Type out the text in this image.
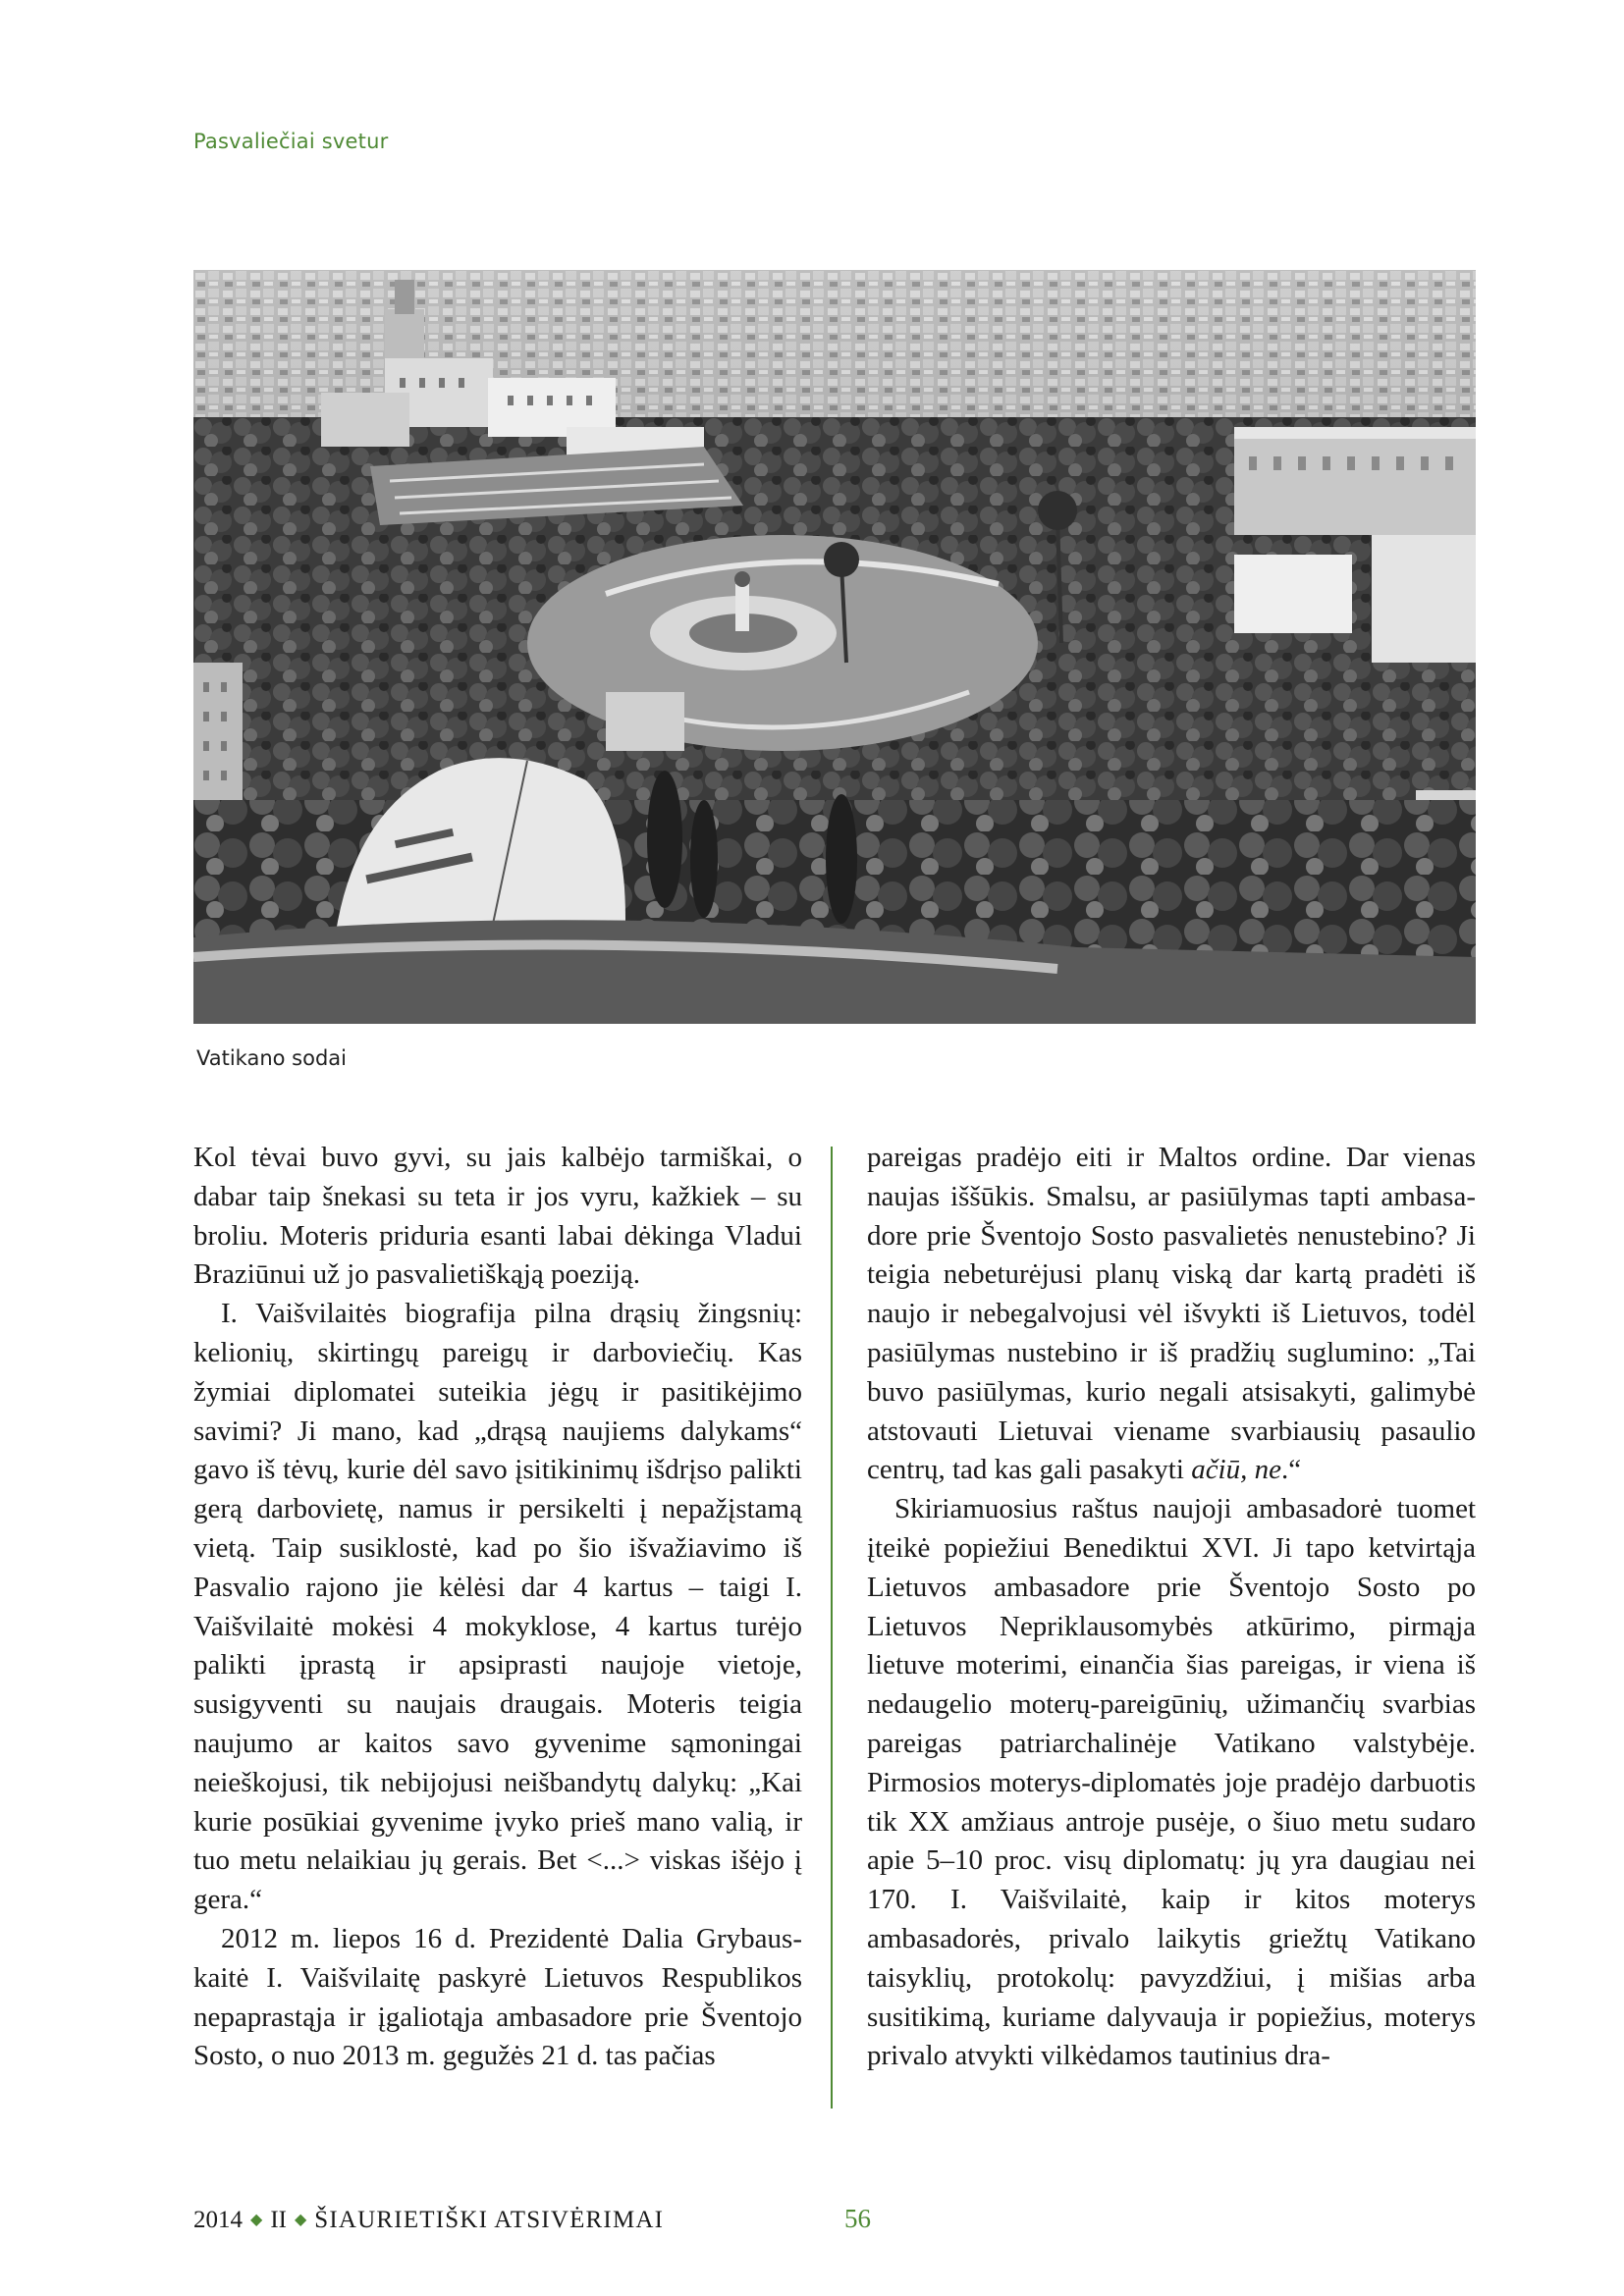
Pasvaliečiai svetur
Vatikano sodai

Kol tėvai buvo gyvi, su jais kalbėjo tarmiškai, o dabar taip šnekasi su teta ir jos vyru, kažkiek – su broliu. Moteris priduria esanti labai dėkinga Vladui Braziūnui už jo pasvalietiškąją poeziją.

I. Vaišvilaitės biografija pilna drąsių žingsnių: kelionių, skirtingų pareigų ir darboviečių. Kas žymiai diplomatei suteikia jėgų ir pasitikėjimo savimi? Ji mano, kad „drąsą naujiems dalykams“ gavo iš tėvų, kurie dėl savo įsitikinimų išdrįso palikti gerą darbovietę, namus ir persikelti į nepažįstamą vietą. Taip susiklostė, kad po šio išvažiavimo iš Pasvalio rajono jie kėlėsi dar 4 kartus – taigi I. Vaišvilaitė mokėsi 4 mokyklose, 4 kartus turėjo palikti įprastą ir apsiprasti naujoje vietoje, susigyventi su naujais draugais. Moteris teigia naujumo ar kaitos savo gyvenime sąmoningai neieškojusi, tik nebijojusi neišbandytų dalykų: „Kai kurie posūkiai gyvenime įvyko prieš mano valią, ir tuo metu nelaikiau jų gerais. Bet <...> viskas išėjo į gera.“

2012 m. liepos 16 d. Prezidentė Dalia Grybauskaitė I. Vaišvilaitę paskyrė Lietuvos Respublikos nepaprastąja ir įgaliotąja ambasadore prie Šventojo Sosto, o nuo 2013 m. gegužės 21 d. tas pačias

pareigas pradėjo eiti ir Maltos ordine. Dar vienas naujas iššūkis. Smalsu, ar pasiūlymas tapti ambasadore prie Šventojo Sosto pasvalietės nenustebino? Ji teigia nebeturėjusi planų viską dar kartą pradėti iš naujo ir nebegalvojusi vėl išvykti iš Lietuvos, todėl pasiūlymas nustebino ir iš pradžių suglumino: „Tai buvo pasiūlymas, kurio negali atsisakyti, galimybė atstovauti Lietuvai viename svarbiausių pasaulio centrų, tad kas gali pasakyti ačiū, ne.“

Skiriamuosius raštus naujoji ambasadorė tuomet įteikė popiežiui Benediktui XVI. Ji tapo ketvirtąja Lietuvos ambasadore prie Šventojo Sosto po Lietuvos Nepriklausomybės atkūrimo, pirmąja lietuve moterimi, einančia šias pareigas, ir viena iš nedaugelio moterų-pareigūnių, užimančių svarbias pareigas patriarchalinėje Vatikano valstybėje. Pirmosios moterys-diplomatės joje pradėjo darbuotis tik XX amžiaus antroje pusėje, o šiuo metu sudaro apie 5–10 proc. visų diplomatų: jų yra daugiau nei 170. I. Vaišvilaitė, kaip ir kitos moterys ambasadorės, privalo laikytis griežtų Vatikano taisyklių, protokolų: pavyzdžiui, į mišias arba susitikimą, kuriame dalyvauja ir popiežius, moterys privalo atvykti vilkėdamos tautinius dra-

2014 ◆ II ◆ ŠIAURIETIŠKI ATSIVĖRIMAI	56
